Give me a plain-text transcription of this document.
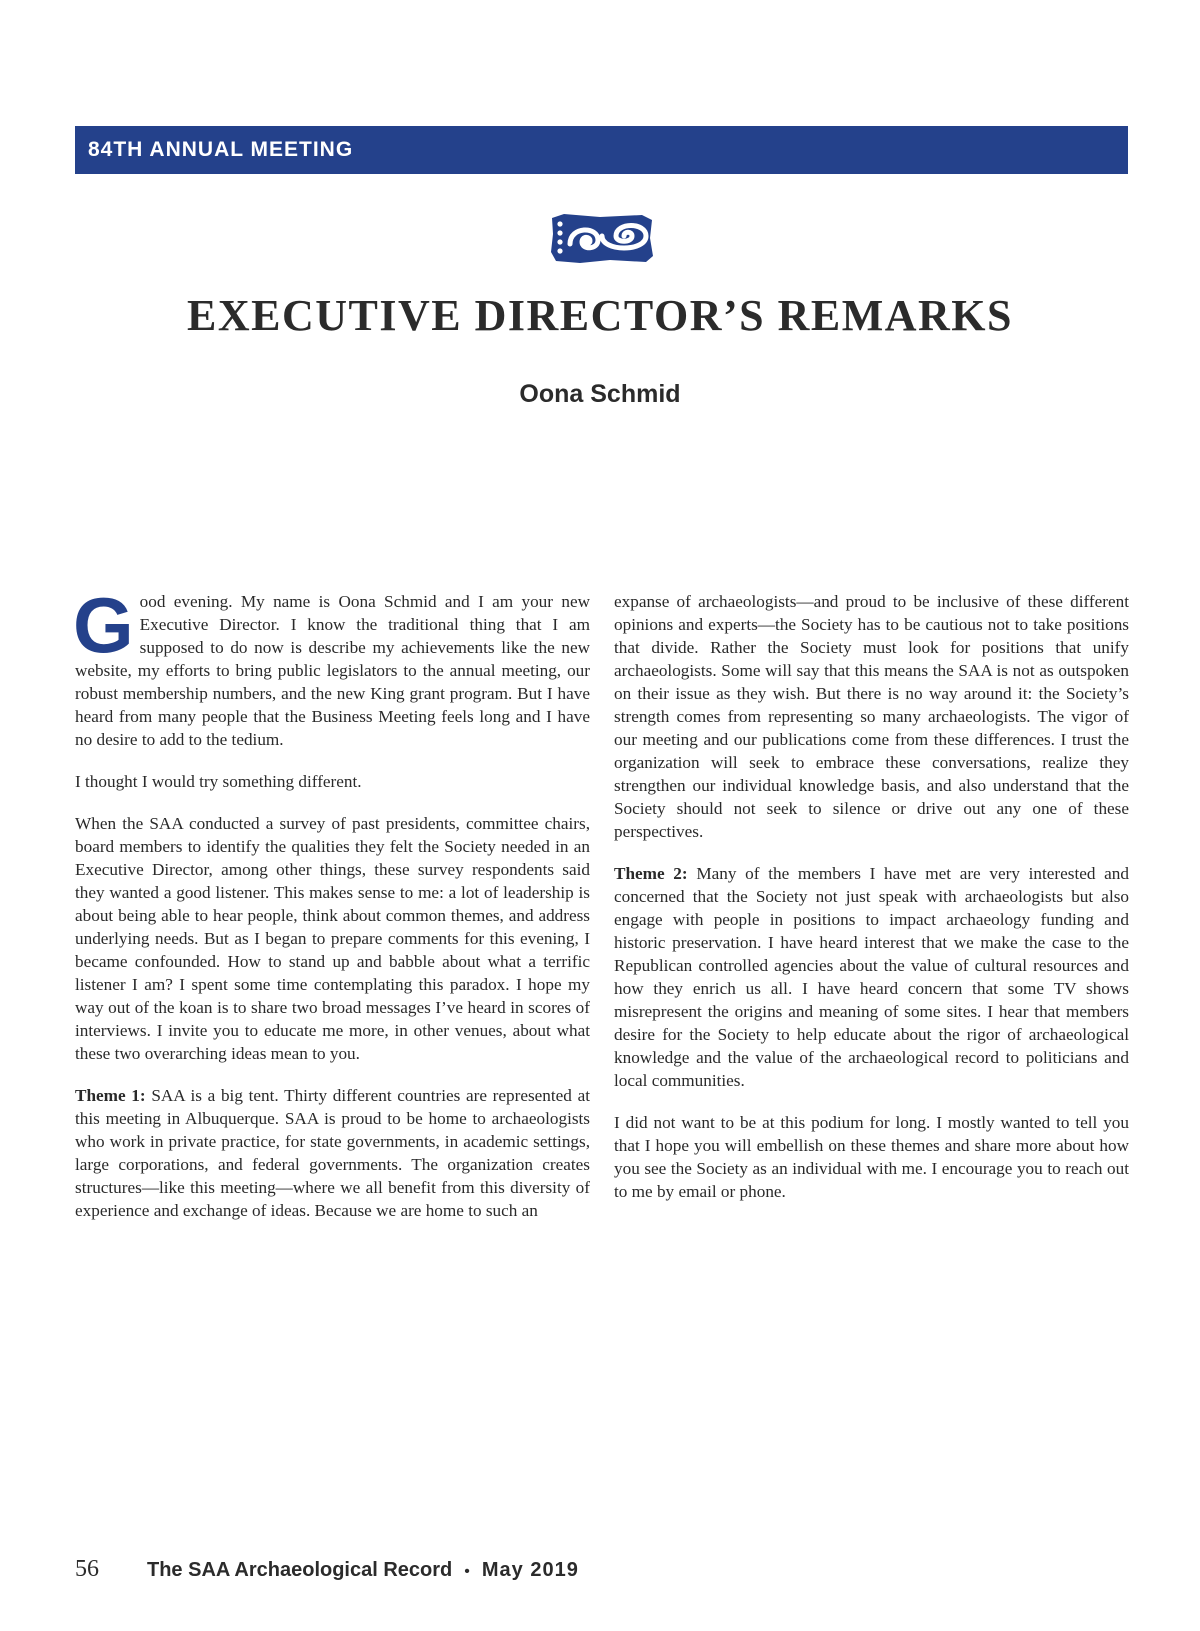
84TH ANNUAL MEETING
EXECUTIVE DIRECTOR’S REMARKS
Oona Schmid

Good evening. My name is Oona Schmid and I am your new Executive Director. I know the traditional thing that I am supposed to do now is describe my achievements like the new website, my efforts to bring public legislators to the annual meeting, our robust membership numbers, and the new King grant program. But I have heard from many people that the Business Meeting feels long and I have no desire to add to the tedium.

I thought I would try something different.

When the SAA conducted a survey of past presidents, committee chairs, board members to identify the qualities they felt the Society needed in an Executive Director, among other things, these survey respondents said they wanted a good listener. This makes sense to me: a lot of leadership is about being able to hear people, think about common themes, and address underlying needs. But as I began to prepare comments for this evening, I became confounded. How to stand up and babble about what a terrific listener I am? I spent some time contemplating this paradox. I hope my way out of the koan is to share two broad messages I’ve heard in scores of interviews. I invite you to educate me more, in other venues, about what these two overarching ideas mean to you.

Theme 1: SAA is a big tent. Thirty different countries are represented at this meeting in Albuquerque. SAA is proud to be home to archaeologists who work in private practice, for state governments, in academic settings, large corporations, and federal governments. The organization creates structures—like this meeting—where we all benefit from this diversity of experience and exchange of ideas. Because we are home to such an

expanse of archaeologists—and proud to be inclusive of these different opinions and experts—the Society has to be cautious not to take positions that divide. Rather the Society must look for positions that unify archaeologists. Some will say that this means the SAA is not as outspoken on their issue as they wish. But there is no way around it: the Society’s strength comes from representing so many archaeologists. The vigor of our meeting and our publications come from these differences. I trust the organization will seek to embrace these conversations, realize they strengthen our individual knowledge basis, and also understand that the Society should not seek to silence or drive out any one of these perspectives.

Theme 2: Many of the members I have met are very interested and concerned that the Society not just speak with archaeologists but also engage with people in positions to impact archaeology funding and historic preservation. I have heard interest that we make the case to the Republican controlled agencies about the value of cultural resources and how they enrich us all. I have heard concern that some TV shows misrepresent the origins and meaning of some sites. I hear that members desire for the Society to help educate about the rigor of archaeological knowledge and the value of the archaeological record to politicians and local communities.

I did not want to be at this podium for long. I mostly wanted to tell you that I hope you will embellish on these themes and share more about how you see the Society as an individual with me. I encourage you to reach out to me by email or phone.

56	The SAA Archaeological Record • May 2019
